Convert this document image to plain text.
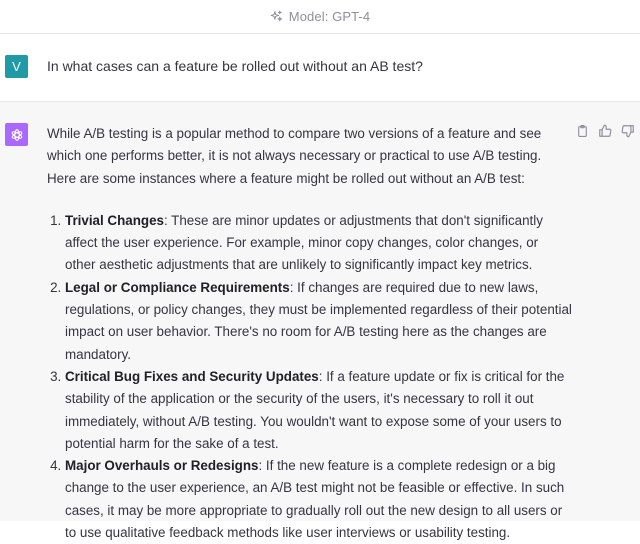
Model: GPT-4
V	In what cases can a feature be rolled out without an AB test?

While A/B testing is a popular method to compare two versions of a feature and see which one performs better, it is not always necessary or practical to use A/B testing. Here are some instances where a feature might be rolled out without an A/B test:

1. Trivial Changes: These are minor updates or adjustments that don't significantly affect the user experience. For example, minor copy changes, color changes, or other aesthetic adjustments that are unlikely to significantly impact key metrics.
2. Legal or Compliance Requirements: If changes are required due to new laws, regulations, or policy changes, they must be implemented regardless of their potential impact on user behavior. There's no room for A/B testing here as the changes are mandatory.
3. Critical Bug Fixes and Security Updates: If a feature update or fix is critical for the stability of the application or the security of the users, it's necessary to roll it out immediately, without A/B testing. You wouldn't want to expose some of your users to potential harm for the sake of a test.
4. Major Overhauls or Redesigns: If the new feature is a complete redesign or a big change to the user experience, an A/B test might not be feasible or effective. In such cases, it may be more appropriate to gradually roll out the new design to all users or to use qualitative feedback methods like user interviews or usability testing.
